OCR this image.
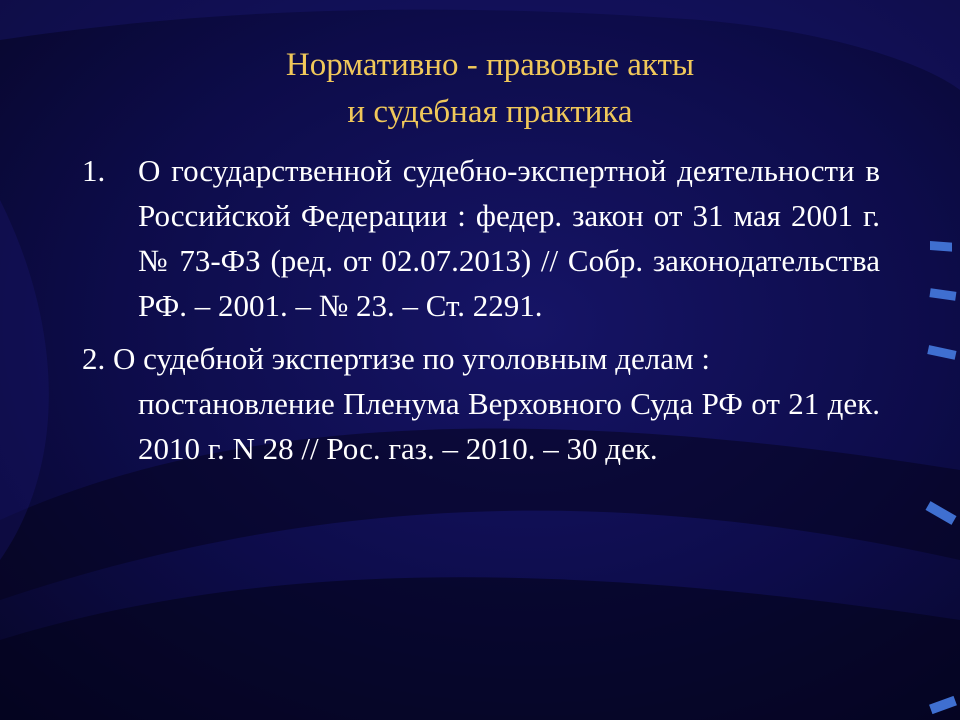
Нормативно - правовые акты
и судебная практика
1. О государственной судебно-экспертной деятельности в Российской Федерации : федер. закон от 31 мая 2001 г. № 73-ФЗ (ред. от 02.07.2013) // Собр. законодательства РФ. – 2001. – № 23. – Ст. 2291.
2. О судебной экспертизе по уголовным делам :
постановление Пленума Верховного Суда РФ от 21 дек. 2010 г. N 28 // Рос. газ. – 2010. – 30 дек.
